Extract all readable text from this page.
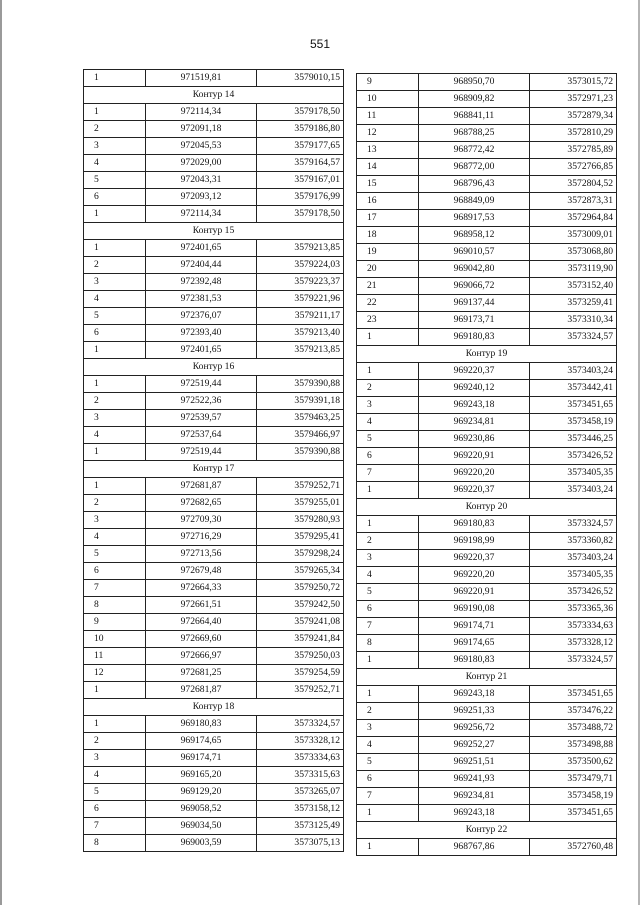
551
1	971519,81	3579010,15
Контур 14		
1	972114,34	3579178,50
2	972091,18	3579186,80
3	972045,53	3579177,65
4	972029,00	3579164,57
5	972043,31	3579167,01
6	972093,12	3579176,99
1	972114,34	3579178,50
Контур 15		
1	972401,65	3579213,85
2	972404,44	3579224,03
3	972392,48	3579223,37
4	972381,53	3579221,96
5	972376,07	3579211,17
6	972393,40	3579213,40
1	972401,65	3579213,85
Контур 16		
1	972519,44	3579390,88
2	972522,36	3579391,18
3	972539,57	3579463,25
4	972537,64	3579466,97
1	972519,44	3579390,88
Контур 17		
1	972681,87	3579252,71
2	972682,65	3579255,01
3	972709,30	3579280,93
4	972716,29	3579295,41
5	972713,56	3579298,24
6	972679,48	3579265,34
7	972664,33	3579250,72
8	972661,51	3579242,50
9	972664,40	3579241,08
10	972669,60	3579241,84
11	972666,97	3579250,03
12	972681,25	3579254,59
1	972681,87	3579252,71
Контур 18		
1	969180,83	3573324,57
2	969174,65	3573328,12
3	969174,71	3573334,63
4	969165,20	3573315,63
5	969129,20	3573265,07
6	969058,52	3573158,12
7	969034,50	3573125,49
8	969003,59	3573075,13
9	968950,70	3573015,72
10	968909,82	3572971,23
11	968841,11	3572879,34
12	968788,25	3572810,29
13	968772,42	3572785,89
14	968772,00	3572766,85
15	968796,43	3572804,52
16	968849,09	3572873,31
17	968917,53	3572964,84
18	968958,12	3573009,01
19	969010,57	3573068,80
20	969042,80	3573119,90
21	969066,72	3573152,40
22	969137,44	3573259,41
23	969173,71	3573310,34
1	969180,83	3573324,57
Контур 19		
1	969220,37	3573403,24
2	969240,12	3573442,41
3	969243,18	3573451,65
4	969234,81	3573458,19
5	969230,86	3573446,25
6	969220,91	3573426,52
7	969220,20	3573405,35
1	969220,37	3573403,24
Контур 20		
1	969180,83	3573324,57
2	969198,99	3573360,82
3	969220,37	3573403,24
4	969220,20	3573405,35
5	969220,91	3573426,52
6	969190,08	3573365,36
7	969174,71	3573334,63
8	969174,65	3573328,12
1	969180,83	3573324,57
Контур 21		
1	969243,18	3573451,65
2	969251,33	3573476,22
3	969256,72	3573488,72
4	969252,27	3573498,88
5	969251,51	3573500,62
6	969241,93	3573479,71
7	969234,81	3573458,19
1	969243,18	3573451,65
Контур 22		
1	968767,86	3572760,48
